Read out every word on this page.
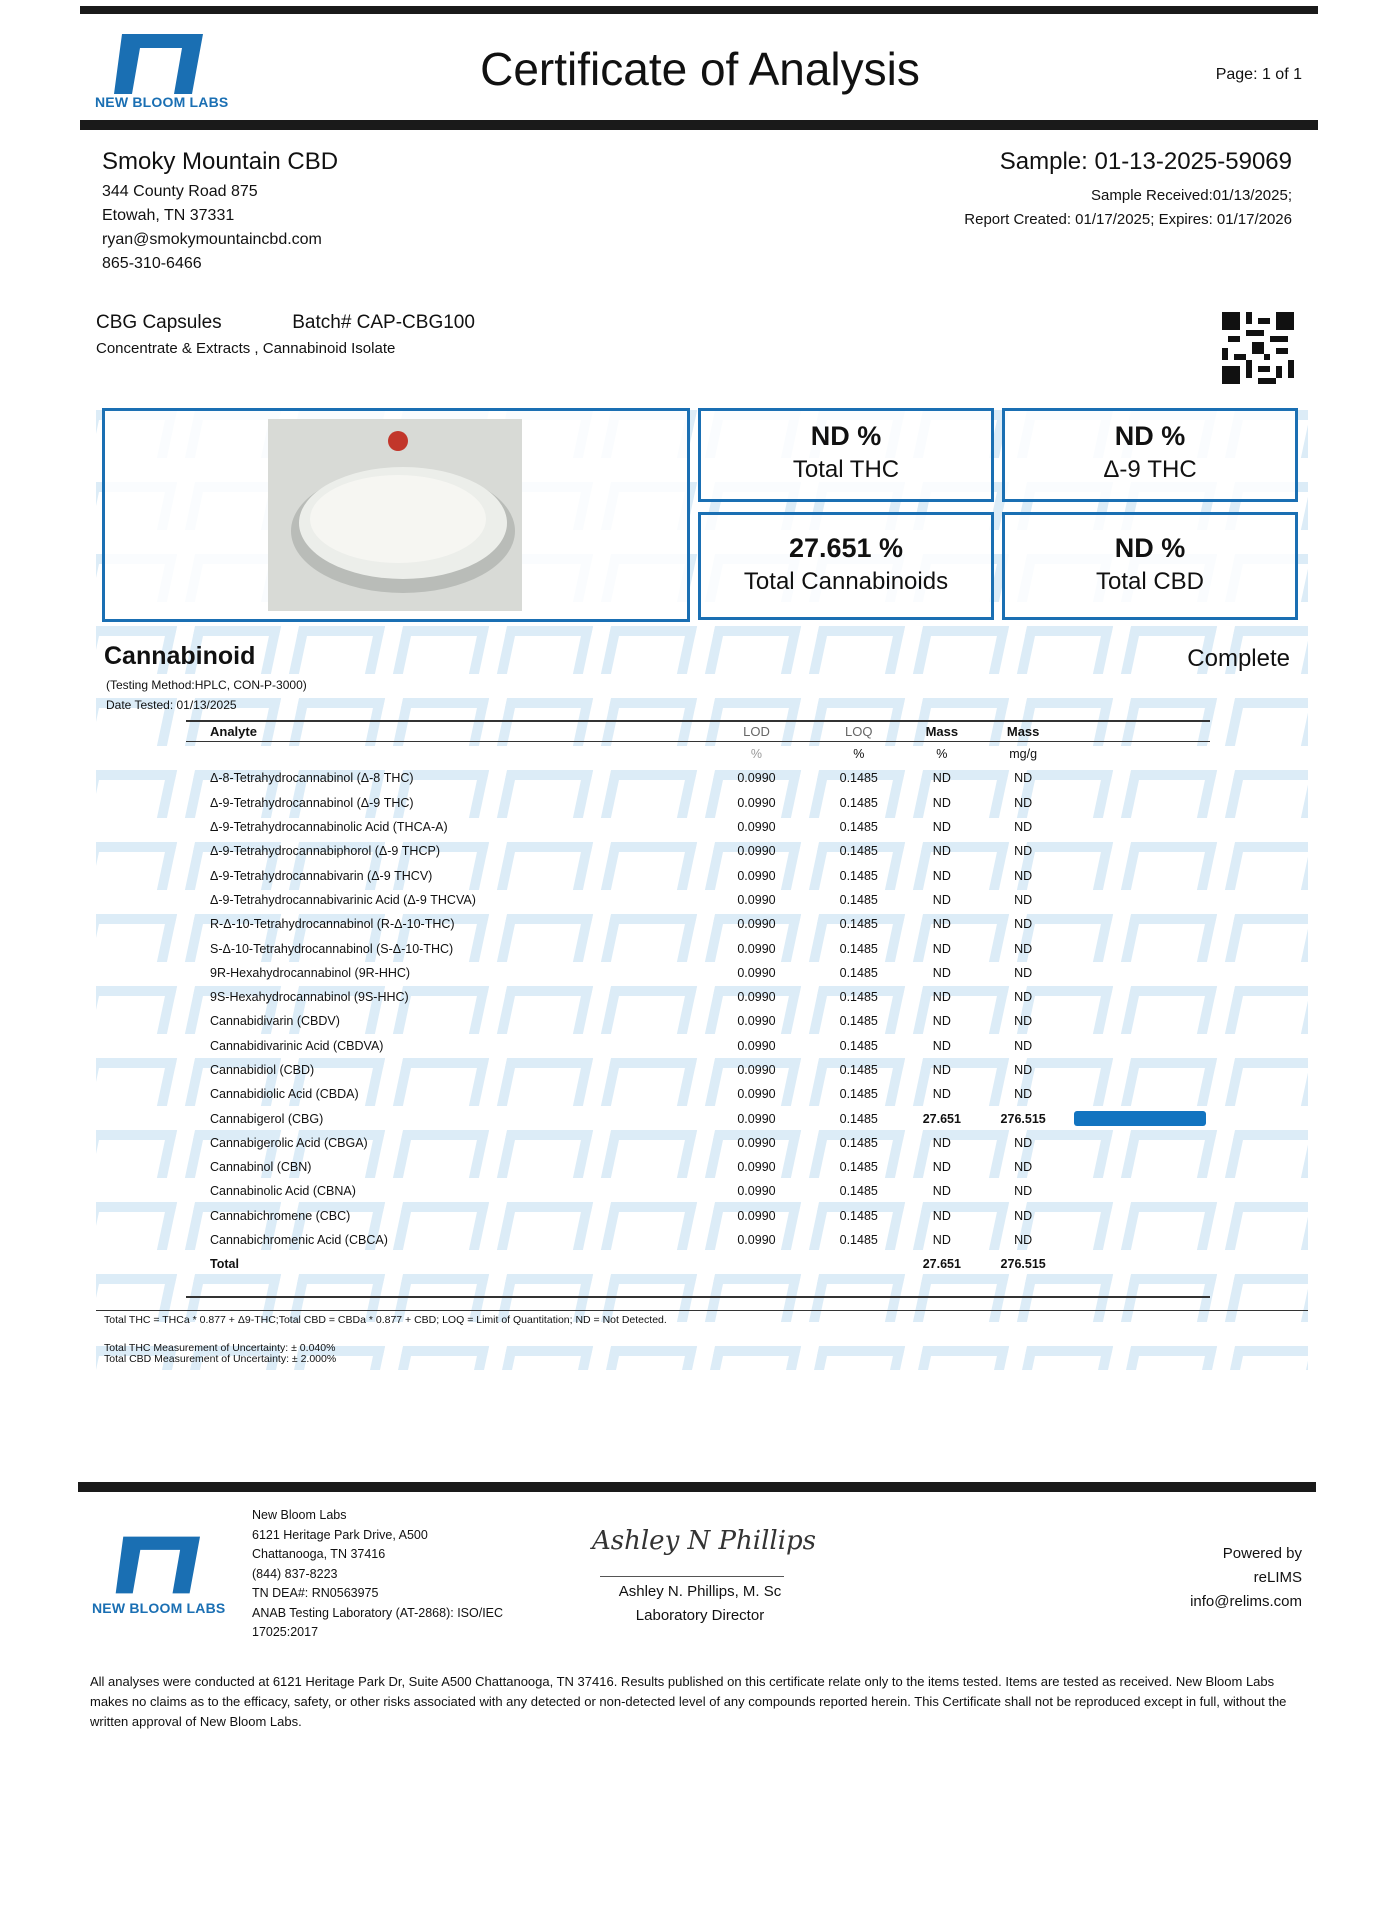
NEW BLOOM LABS
Certificate of Analysis	Page: 1 of 1
Smoky Mountain CBD
344 County Road 875
Etowah, TN 37331
ryan@smokymountaincbd.com
865-310-6466
Sample: 01-13-2025-59069
Sample Received:01/13/2025;
Report Created: 01/17/2025; Expires: 01/17/2026
CBG Capsules	Batch# CAP-CBG100
Concentrate & Extracts , Cannabinoid Isolate
ND %
Total THC
ND %
Δ-9 THC
27.651 %
Total Cannabinoids
ND %
Total CBD
Cannabinoid	Complete
(Testing Method:HPLC, CON-P-3000)
Date Tested: 01/13/2025
Analyte	LOD	LOQ	Mass	Mass	
	%	%	%	mg/g	
Δ-8-Tetrahydrocannabinol (Δ-8 THC)	0.0990	0.1485	ND	ND	
Δ-9-Tetrahydrocannabinol (Δ-9 THC)	0.0990	0.1485	ND	ND	
Δ-9-Tetrahydrocannabinolic Acid (THCA-A)	0.0990	0.1485	ND	ND	
Δ-9-Tetrahydrocannabiphorol (Δ-9 THCP)	0.0990	0.1485	ND	ND	
Δ-9-Tetrahydrocannabivarin (Δ-9 THCV)	0.0990	0.1485	ND	ND	
Δ-9-Tetrahydrocannabivarinic Acid (Δ-9 THCVA)	0.0990	0.1485	ND	ND	
R-Δ-10-Tetrahydrocannabinol (R-Δ-10-THC)	0.0990	0.1485	ND	ND	
S-Δ-10-Tetrahydrocannabinol (S-Δ-10-THC)	0.0990	0.1485	ND	ND	
9R-Hexahydrocannabinol (9R-HHC)	0.0990	0.1485	ND	ND	
9S-Hexahydrocannabinol (9S-HHC)	0.0990	0.1485	ND	ND	
Cannabidivarin (CBDV)	0.0990	0.1485	ND	ND	
Cannabidivarinic Acid (CBDVA)	0.0990	0.1485	ND	ND	
Cannabidiol (CBD)	0.0990	0.1485	ND	ND	
Cannabidiolic Acid (CBDA)	0.0990	0.1485	ND	ND	
Cannabigerol (CBG)	0.0990	0.1485	27.651	276.515	

Cannabigerolic Acid (CBGA)	0.0990	0.1485	ND	ND	
Cannabinol (CBN)	0.0990	0.1485	ND	ND	
Cannabinolic Acid (CBNA)	0.0990	0.1485	ND	ND	
Cannabichromene (CBC)	0.0990	0.1485	ND	ND	
Cannabichromenic Acid (CBCA)	0.0990	0.1485	ND	ND	
Total			27.651	276.515	
Total THC = THCa * 0.877 + Δ9-THC;Total CBD = CBDa * 0.877 + CBD; LOQ = Limit of Quantitation; ND = Not Detected.
Total THC Measurement of Uncertainty: ± 0.040%
Total CBD Measurement of Uncertainty: ± 2.000%
NEW BLOOM LABS
New Bloom Labs
6121 Heritage Park Drive, A500
Chattanooga, TN 37416
(844) 837-8223
TN DEA#: RN0563975
ANAB Testing Laboratory (AT-2868): ISO/IEC
17025:2017
Ashley N Phillips
Ashley N. Phillips, M. Sc
Laboratory Director
Powered by
reLIMS
info@relims.com
All analyses were conducted at 6121 Heritage Park Dr, Suite A500 Chattanooga, TN 37416. Results published on this certificate relate only to the items tested. Items are tested as received. New Bloom Labs makes no claims as to the efficacy, safety, or other risks associated with any detected or non-detected level of any compounds reported herein. This Certificate shall not be reproduced except in full, without the written approval of New Bloom Labs.
